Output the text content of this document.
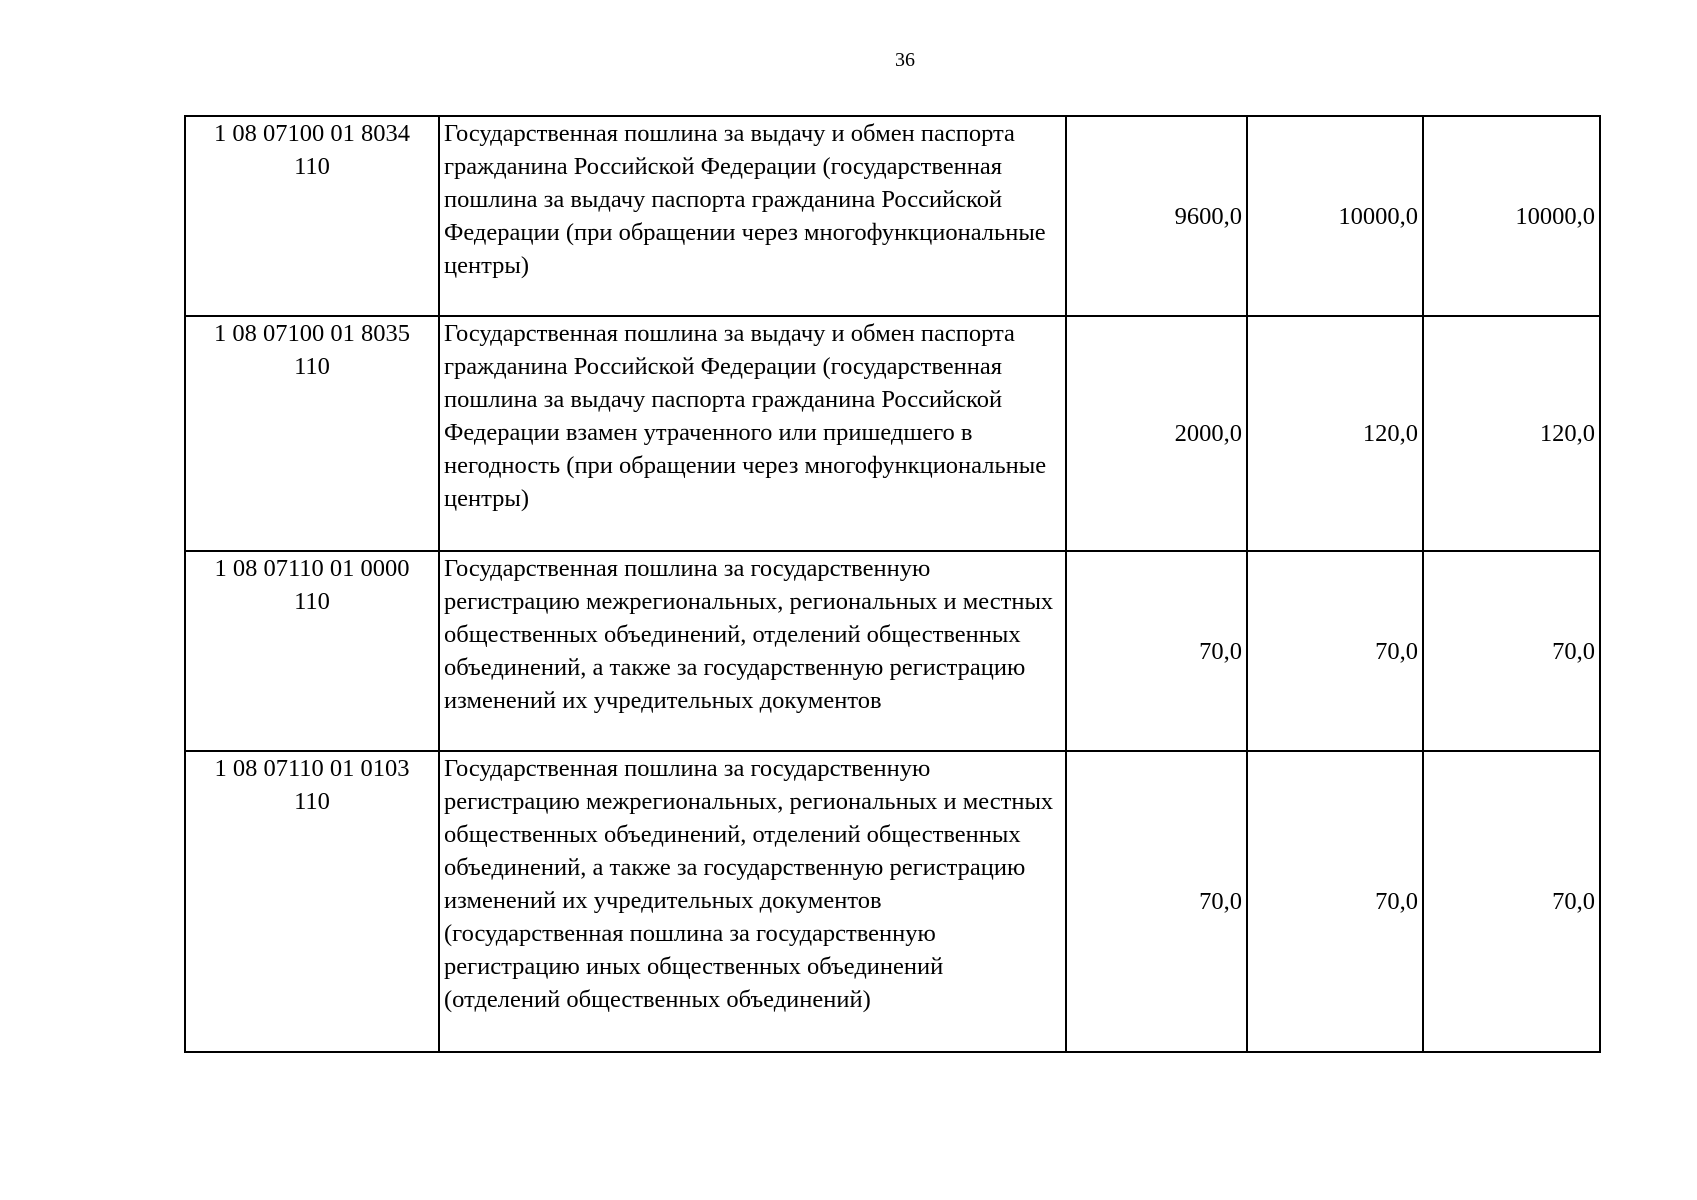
36
1 08 07100 01 8034
110	Государственная пошлина за выдачу и обмен паспорта гражданина Российской Федерации (государственная пошлина за выдачу паспорта гражданина Российской Федерации (при обращении через многофункциональные центры)	9600,0	10000,0	10000,0

1 08 07100 01 8035
110	Государственная пошлина за выдачу и обмен паспорта гражданина Российской Федерации (государственная пошлина за выдачу паспорта гражданина Российской Федерации взамен утраченного или пришедшего в негодность (при обращении через многофункциональные центры)	2000,0	120,0	120,0

1 08 07110 01 0000
110	Государственная пошлина за государственную регистрацию межрегиональных, региональных и местных общественных объединений, отделений общественных объединений, а также за государственную регистрацию изменений их учредительных документов	70,0	70,0	70,0

1 08 07110 01 0103
110	Государственная пошлина за государственную регистрацию межрегиональных, региональных и местных общественных объединений, отделений общественных объединений, а также за государственную регистрацию изменений их учредительных документов (государственная пошлина за государственную регистрацию иных общественных объединений (отделений общественных объединений)	70,0	70,0	70,0
